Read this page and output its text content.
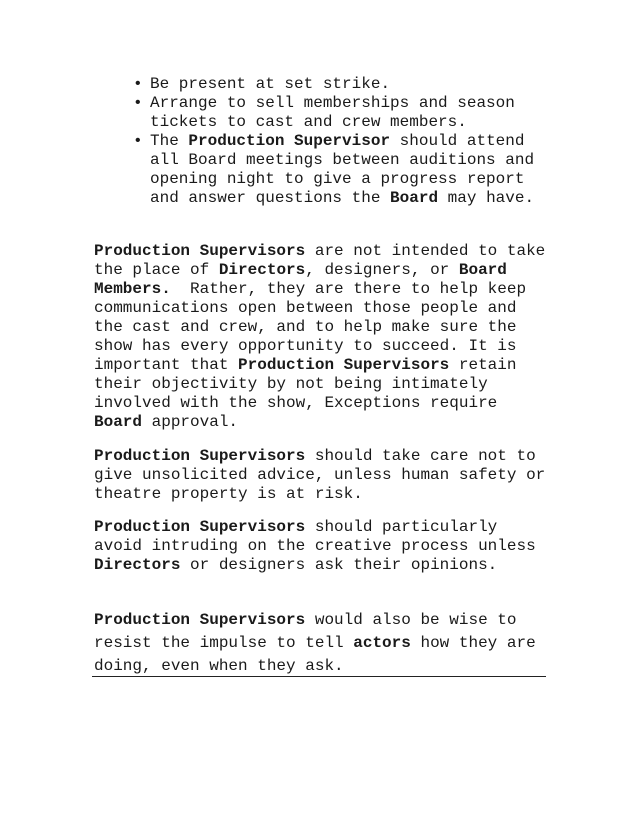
• Be present at set strike.
• Arrange to sell memberships and season tickets to cast and crew members.
• The Production Supervisor should attend all Board meetings between auditions and opening night to give a progress report and answer questions the Board may have.

Production Supervisors are not intended to take the place of Directors, designers, or Board Members.  Rather, they are there to help keep communications open between those people and the cast and crew, and to help make sure the show has every opportunity to succeed. It is important that Production Supervisors retain their objectivity by not being intimately involved with the show, Exceptions require Board approval.

Production Supervisors should take care not to give unsolicited advice, unless human safety or theatre property is at risk.

Production Supervisors should particularly avoid intruding on the creative process unless Directors or designers ask their opinions.

Production Supervisors would also be wise to resist the impulse to tell actors how they are doing, even when they ask.
